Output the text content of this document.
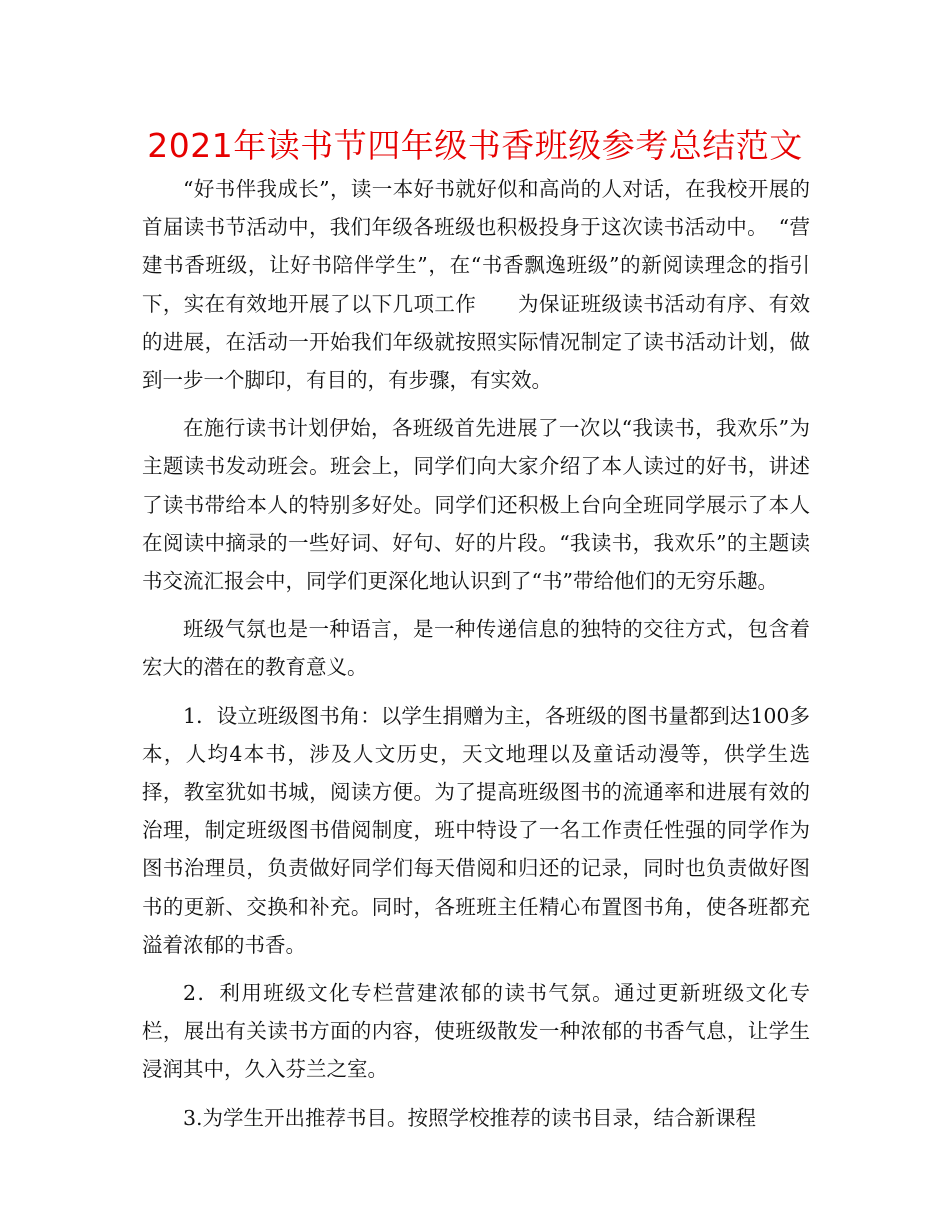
2021年读书节四年级书香班级参考总结范文

“好书伴我成长”，读一本好书就好似和高尚的人对话，在我校开展的首届读书节活动中，我们年级各班级也积极投身于这次读书活动中。　“营建书香班级，让好书陪伴学生”，在“书香飘逸班级”的新阅读理念的指引下，实在有效地开展了以下几项工作　　为保证班级读书活动有序、有效的进展，在活动一开始我们年级就按照实际情况制定了读书活动计划，做到一步一个脚印，有目的，有步骤，有实效。

在施行读书计划伊始，各班级首先进展了一次以“我读书，我欢乐”为主题读书发动班会。班会上，同学们向大家介绍了本人读过的好书，讲述了读书带给本人的特别多好处。同学们还积极上台向全班同学展示了本人在阅读中摘录的一些好词、好句、好的片段。“我读书，我欢乐”的主题读书交流汇报会中，同学们更深化地认识到了“书”带给他们的无穷乐趣。

班级气氛也是一种语言，是一种传递信息的独特的交往方式，包含着宏大的潜在的教育意义。

1．设立班级图书角：以学生捐赠为主，各班级的图书量都到达100多本，人均4本书，涉及人文历史，天文地理以及童话动漫等，供学生选择，教室犹如书城，阅读方便。为了提高班级图书的流通率和进展有效的治理，制定班级图书借阅制度，班中特设了一名工作责任性强的同学作为图书治理员，负责做好同学们每天借阅和归还的记录，同时也负责做好图书的更新、交换和补充。同时，各班班主任精心布置图书角，使各班都充溢着浓郁的书香。

2．利用班级文化专栏营建浓郁的读书气氛。通过更新班级文化专栏，展出有关读书方面的内容，使班级散发一种浓郁的书香气息，让学生浸润其中，久入芬兰之室。

3.为学生开出推荐书目。按照学校推荐的读书目录，结合新课程
